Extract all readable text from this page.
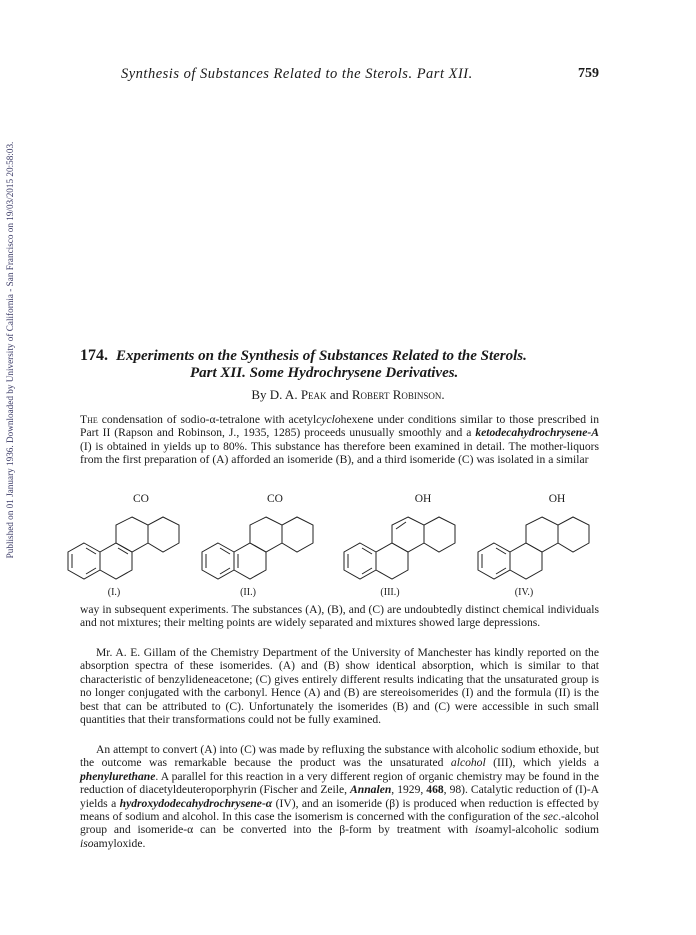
Published on 01 January 1936. Downloaded by University of California - San Francisco on 19/03/2015 20:58:03.
Synthesis of Substances Related to the Sterols. Part XII.	759
174. Experiments on the Synthesis of Substances Related to the Sterols.
Part XII. Some Hydrochrysene Derivatives.
By D. A. Peak and Robert Robinson.

The condensation of sodio-α-tetralone with acetylcyclohexene under conditions similar to those prescribed in Part II (Rapson and Robinson, J., 1935, 1285) proceeds unusually smoothly and a ketodecahydrochrysene-A (I) is obtained in yields up to 80%. This substance has therefore been examined in detail. The mother-liquors from the first preparation of (A) afforded an isomeride (B), and a third isomeride (C) was isolated in a similar

CO
(I.)
CO
(II.)
OH
(III.)
OH
(IV.)

way in subsequent experiments. The substances (A), (B), and (C) are undoubtedly distinct chemical individuals and not mixtures; their melting points are widely separated and mixtures showed large depressions.

Mr. A. E. Gillam of the Chemistry Department of the University of Manchester has kindly reported on the absorption spectra of these isomerides. (A) and (B) show identical absorption, which is similar to that characteristic of benzylideneacetone; (C) gives entirely different results indicating that the unsaturated group is no longer conjugated with the carbonyl. Hence (A) and (B) are stereoisomerides (I) and the formula (II) is the best that can be attributed to (C). Unfortunately the isomerides (B) and (C) were accessible in such small quantities that their transformations could not be fully examined.

An attempt to convert (A) into (C) was made by refluxing the substance with alcoholic sodium ethoxide, but the outcome was remarkable because the product was the unsaturated alcohol (III), which yields a phenylurethane. A parallel for this reaction in a very different region of organic chemistry may be found in the reduction of diacetyldeuteroporphyrin (Fischer and Zeile, Annalen, 1929, 468, 98). Catalytic reduction of (I)-A yields a hydroxydodecahydrochrysene-α (IV), and an isomeride (β) is produced when reduction is effected by means of sodium and alcohol. In this case the isomerism is concerned with the configuration of the sec.-alcohol group and isomeride-α can be converted into the β-form by treatment with isoamyl-alcoholic sodium isoamyloxide.
